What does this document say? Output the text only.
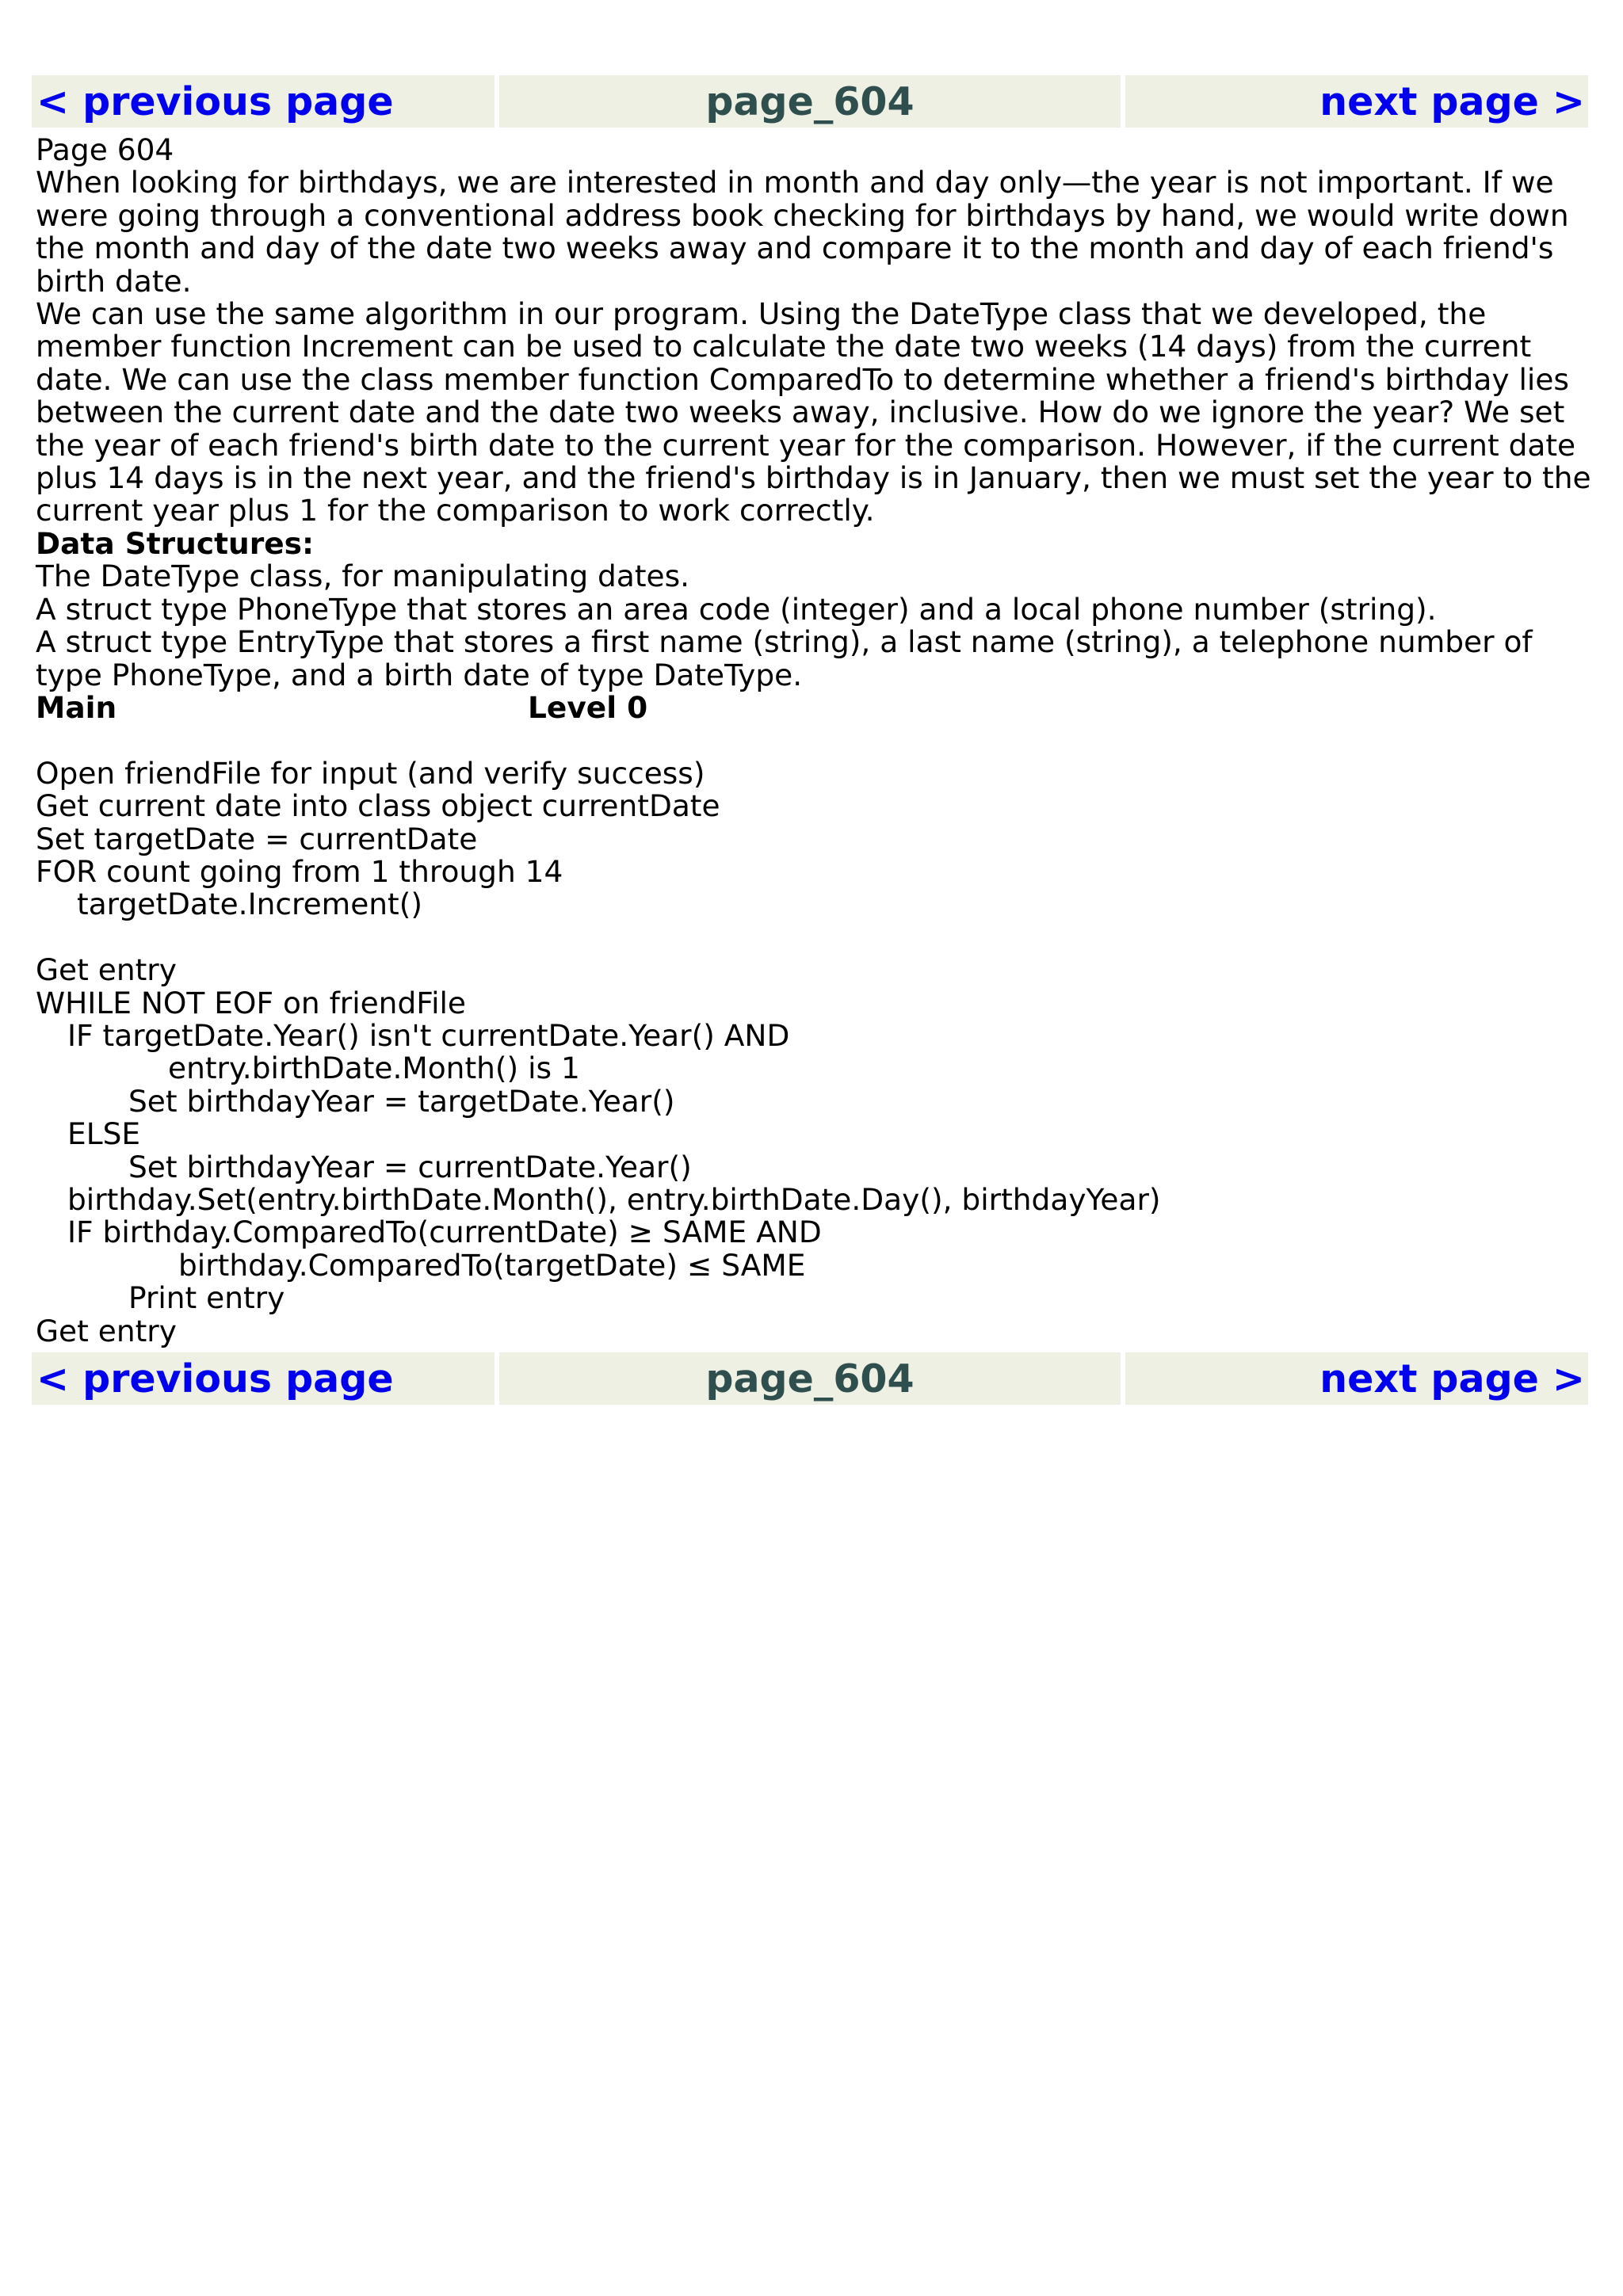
< previous page	page_604	next page >

Page 604

When looking for birthdays, we are interested in month and day only—the year is not important. If we were going through a conventional address book checking for birthdays by hand, we would write down the month and day of the date two weeks away and compare it to the month and day of each friend's birth date.

We can use the same algorithm in our program. Using the DateType class that we developed, the member function Increment can be used to calculate the date two weeks (14 days) from the current date. We can use the class member function ComparedTo to determine whether a friend's birthday lies between the current date and the date two weeks away, inclusive. How do we ignore the year? We set the year of each friend's birth date to the current year for the comparison. However, if the current date plus 14 days is in the next year, and the friend's birthday is in January, then we must set the year to the current year plus 1 for the comparison to work correctly.

Data Structures:

The DateType class, for manipulating dates.

A struct type PhoneType that stores an area code (integer) and a local phone number (string).

A struct type EntryType that stores a first name (string), a last name (string), a telephone number of type PhoneType, and a birth date of type DateType.

Main	Level 0

Open friendFile for input (and verify success)

Get current date into class object currentDate

Set targetDate = currentDate

FOR count going from 1 through 14

targetDate.Increment()

Get entry

WHILE NOT EOF on friendFile

IF targetDate.Year() isn't currentDate.Year() AND

entry.birthDate.Month() is 1

Set birthdayYear = targetDate.Year()

ELSE

Set birthdayYear = currentDate.Year()

birthday.Set(entry.birthDate.Month(), entry.birthDate.Day(), birthdayYear)

IF birthday.ComparedTo(currentDate) ≥ SAME AND

birthday.ComparedTo(targetDate) ≤ SAME

Print entry

Get entry

< previous page	page_604	next page >
